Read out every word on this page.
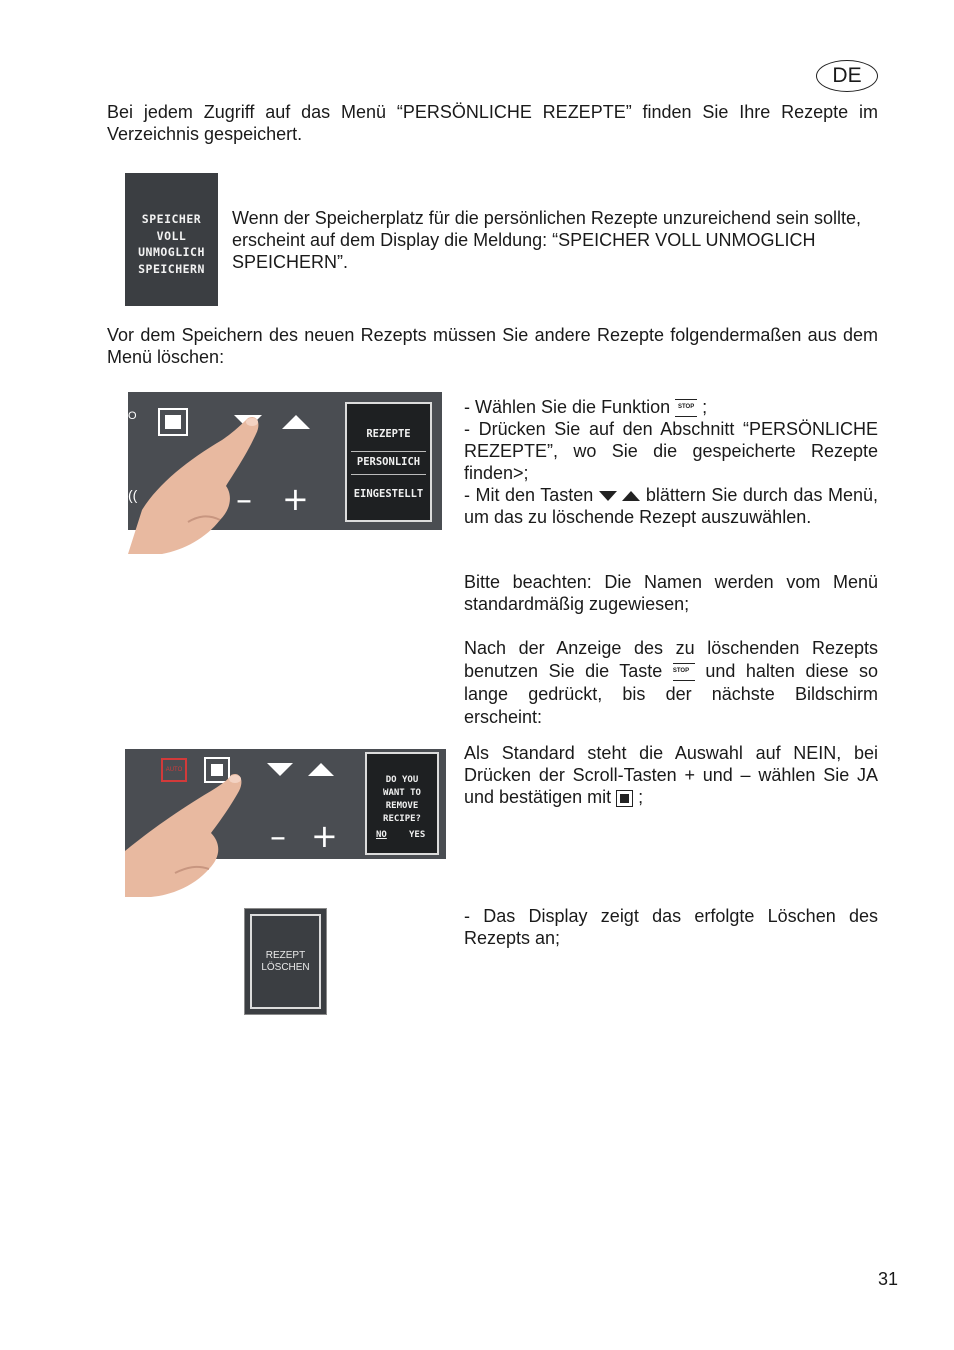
DE
Bei jedem Zugriff auf das Menü “PERSÖNLICHE REZEPTE” finden Sie Ihre Rezepte im Verzeichnis gespeichert.
SPEICHER
VOLL
UNMOGLICH
SPEICHERN
Wenn der Speicherplatz für die persönlichen Rezepte unzureichend sein sollte, erscheint auf dem Display die Meldung: “SPEICHER VOLL UNMOGLICH SPEICHERN”.
Vor dem Speichern des neuen Rezepts müssen Sie andere Rezepte folgendermaßen aus dem Menü löschen:
O
– +
((
REZEPTE
PERSONLICH
EINGESTELLT
- Wählen Sie die Funktion STOP ;
- Drücken Sie auf den Abschnitt “PERSÖNLICHE REZEPTE”, wo Sie die gespeicherte Rezepte finden>;
- Mit den Tasten	blättern Sie durch das Menü, um das zu löschende Rezept auszuwählen.
Bitte beachten: Die Namen werden vom Menü standardmäßig zugewiesen;
Nach der Anzeige des zu löschenden Rezepts benutzen Sie die Taste STOP und halten diese so lange gedrückt, bis der nächste Bildschirm erscheint:
Als Standard steht die Auswahl auf NEIN, bei Drücken der Scroll-Tasten + und – wählen Sie JA und bestätigen mit ;
AUTO
– +
DO YOU
WANT TO
REMOVE
RECIPE?
NO YES
REZEPT
LÖSCHEN
- Das Display zeigt das erfolgte Löschen des Rezepts an;
31
